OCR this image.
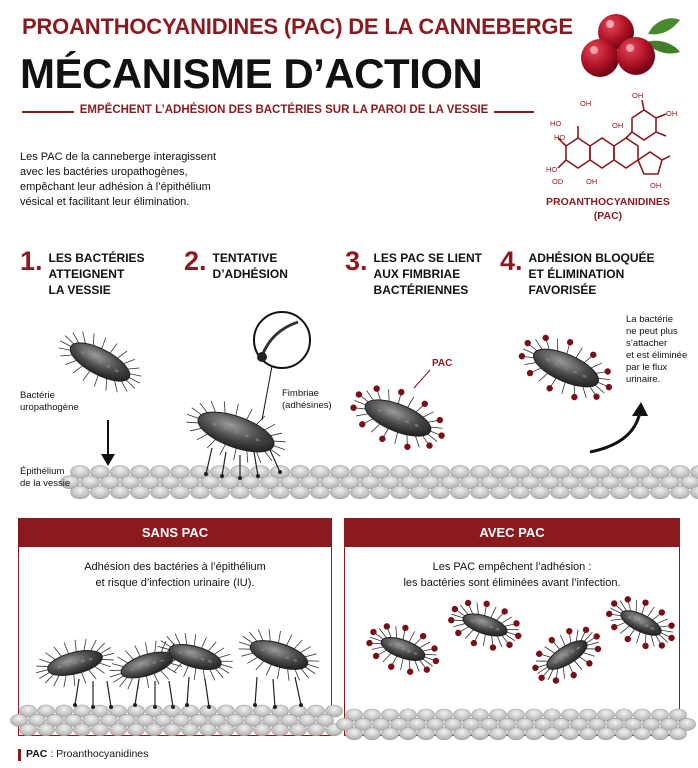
PROANTHOCYANIDINES (PAC) DE LA CANNEBERGE
MÉCANISME D’ACTION
EMPÊCHENT L’ADHÉSION DES BACTÉRIES SUR LA PAROI DE LA VESSIE
Les PAC de la canneberge interagissent avec les bactéries uropathogènes, empêchant leur adhésion à l’épithélium vésical et facilitant leur élimination.
OH
HO
HO
OH
OH
OH
OD	OH	OH
HO
PROANTHOCYANIDINES
(PAC)
1. LES BACTÉRIES
ATTEIGNENT
LA VESSIE
2. TENTATIVE
D’ADHÉSION 3. LES PAC SE LIENT
AUX FIMBRIAE
BACTÉRIENNES
4. ADHÉSION BLOQUÉE
ET ÉLIMINATION
FAVORISÉE
Bactérie
uropathogène
Fimbriae
(adhésines)
Épithélium
de la vessie
PAC
La bactérie
ne peut plus
s’attacher
et est éliminée
par le flux
urinaire.
SANS PAC
Adhésion des bactéries à l’épithélium
et risque d’infection urinaire (IU).
AVEC PAC
Les PAC empêchent l’adhésion :
les bactéries sont éliminées avant l’infection.
PAC : Proanthocyanidines
